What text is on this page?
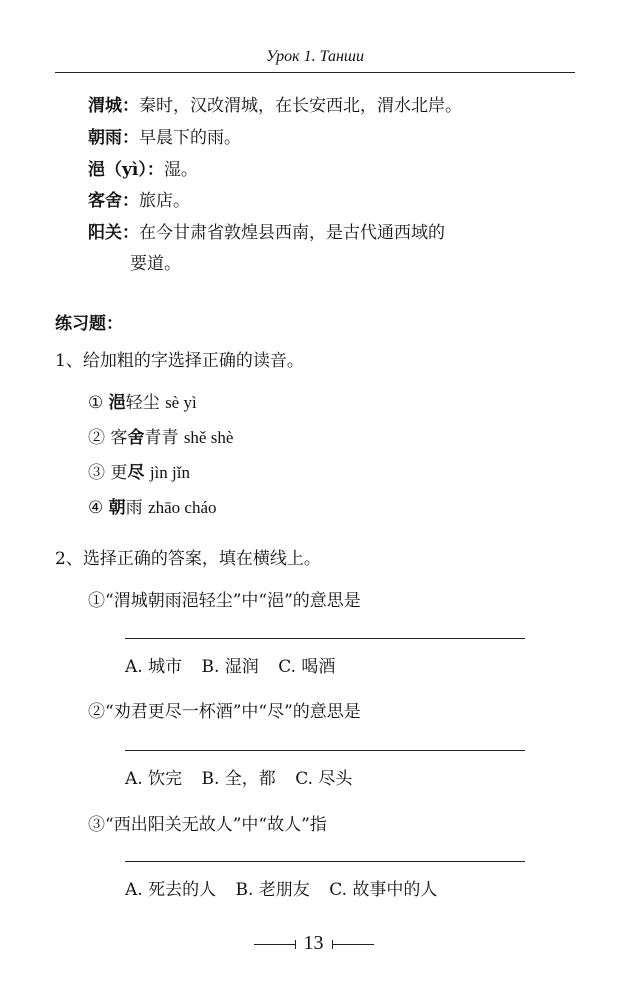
Урок 1. Танши
渭城：秦时，汉改渭城，在长安西北，渭水北岸。
朝雨：早晨下的雨。
浥（yì）：湿。
客舍：旅店。
阳关：在今甘肃省敦煌县西南，是古代通西域的
要道。
练习题：
1、给加粗的字选择正确的读音。
① 浥轻尘 sè yì
② 客舍青青 shě shè
③ 更尽 jìn jǐn
④ 朝雨 zhāo cháo
2、选择正确的答案，填在横线上。
①“渭城朝雨浥轻尘”中“浥”的意思是
A. 城市 B. 湿润 C. 喝酒
②“劝君更尽一杯酒”中“尽”的意思是
A. 饮完 B. 全，都 C. 尽头
③“西出阳关无故人”中“故人”指
A. 死去的人 B. 老朋友 C. 故事中的人
13
